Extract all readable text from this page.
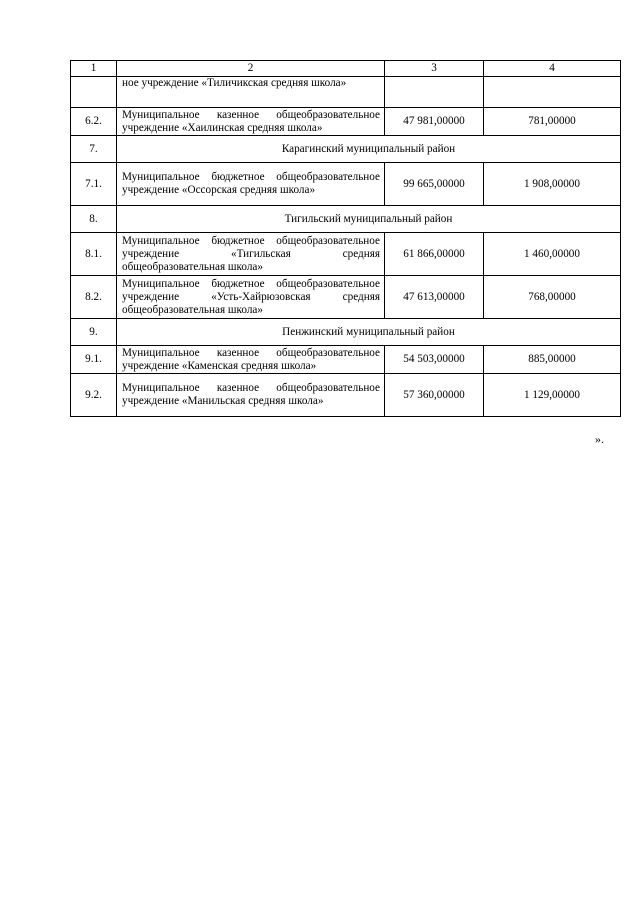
1	2	3	4
	ное учреждение «Тиличикская средняя школа»		
6.2.	Муниципальное казенное общеобразовательное учреждение «Хаилинская средняя школа»	47 981,00000	781,00000
7.	Карагинский муниципальный район		
7.1.	Муниципальное бюджетное общеобразовательное учреждение «Оссорская средняя школа»	99 665,00000	1 908,00000
8.	Тигильский муниципальный район		
8.1.	Муниципальное бюджетное общеобразовательное учреждение «Тигильская средняя общеобразовательная школа»	61 866,00000	1 460,00000
8.2.	Муниципальное бюджетное общеобразовательное учреждение «Усть-Хайрюзовская средняя общеобразовательная школа»	47 613,00000	768,00000
9.	Пенжинский муниципальный район		
9.1.	Муниципальное казенное общеобразовательное учреждение «Каменская средняя школа»	54 503,00000	885,00000
9.2.	Муниципальное казенное общеобразовательное учреждение «Манильская средняя школа»	57 360,00000	1 129,00000
».
